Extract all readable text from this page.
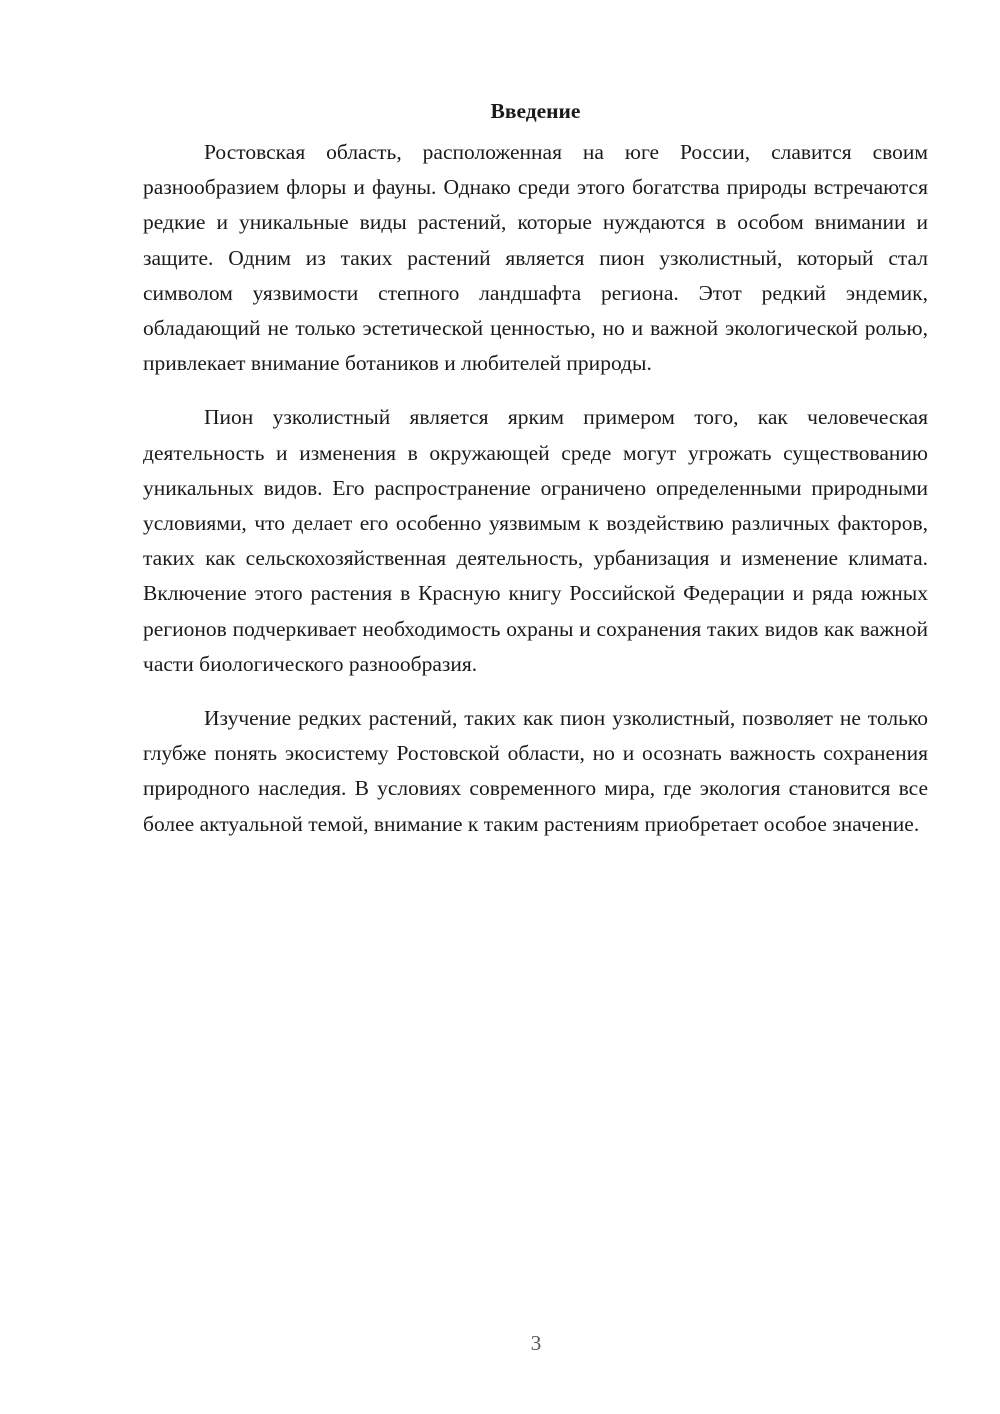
Введение

Ростовская область, расположенная на юге России, славится своим разнообразием флоры и фауны. Однако среди этого богатства природы встречаются редкие и уникальные виды растений, которые нуждаются в особом внимании и защите. Одним из таких растений является пион узколистный, который стал символом уязвимости степного ландшафта региона. Этот редкий эндемик, обладающий не только эстетической ценностью, но и важной экологической ролью, привлекает внимание ботаников и любителей природы.

Пион узколистный является ярким примером того, как человеческая деятельность и изменения в окружающей среде могут угрожать существованию уникальных видов. Его распространение ограничено определенными природными условиями, что делает его особенно уязвимым к воздействию различных факторов, таких как сельскохозяйственная деятельность, урбанизация и изменение климата. Включение этого растения в Красную книгу Российской Федерации и ряда южных регионов подчеркивает необходимость охраны и сохранения таких видов как важной части биологического разнообразия.

Изучение редких растений, таких как пион узколистный, позволяет не только глубже понять экосистему Ростовской области, но и осознать важность сохранения природного наследия. В условиях современного мира, где экология становится все более актуальной темой, внимание к таким растениям приобретает особое значение.

3
